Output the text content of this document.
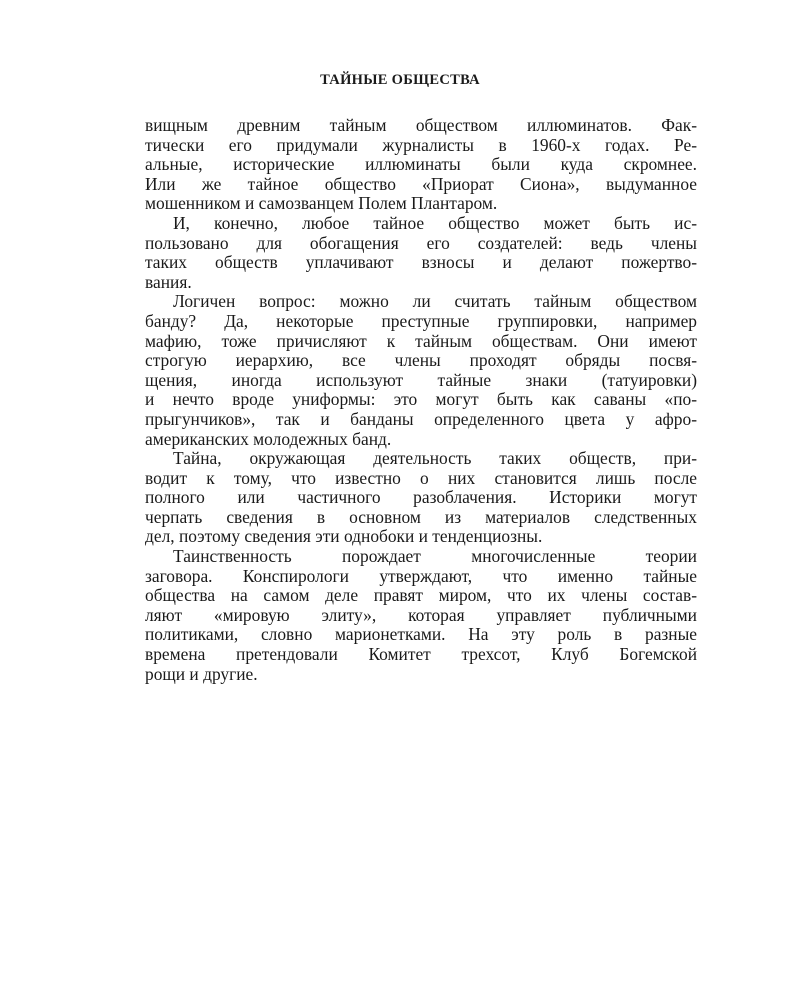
ТАЙНЫЕ ОБЩЕСТВА
вищным древним тайным обществом иллюминатов. Фак-
тически его придумали журналисты в 1960-х годах. Ре-
альные, исторические иллюминаты были куда скромнее.
Или же тайное общество «Приорат Сиона», выдуманное
мошенником и самозванцем Полем Плантаром.
И, конечно, любое тайное общество может быть ис-
пользовано для обогащения его создателей: ведь члены
таких обществ уплачивают взносы и делают пожертво-
вания.
Логичен вопрос: можно ли считать тайным обществом
банду? Да, некоторые преступные группировки, например
мафию, тоже причисляют к тайным обществам. Они имеют
строгую иерархию, все члены проходят обряды посвя-
щения, иногда используют тайные знаки (татуировки)
и нечто вроде униформы: это могут быть как саваны «по-
прыгунчиков», так и банданы определенного цвета у афро-
американских молодежных банд.
Тайна, окружающая деятельность таких обществ, при-
водит к тому, что известно о них становится лишь после
полного или частичного разоблачения. Историки могут
черпать сведения в основном из материалов следственных
дел, поэтому сведения эти однобоки и тенденциозны.
Таинственность порождает многочисленные теории
заговора. Конспирологи утверждают, что именно тайные
общества на самом деле правят миром, что их члены состав-
ляют «мировую элиту», которая управляет публичными
политиками, словно марионетками. На эту роль в разные
времена претендовали Комитет трехсот, Клуб Богемской
рощи и другие.
